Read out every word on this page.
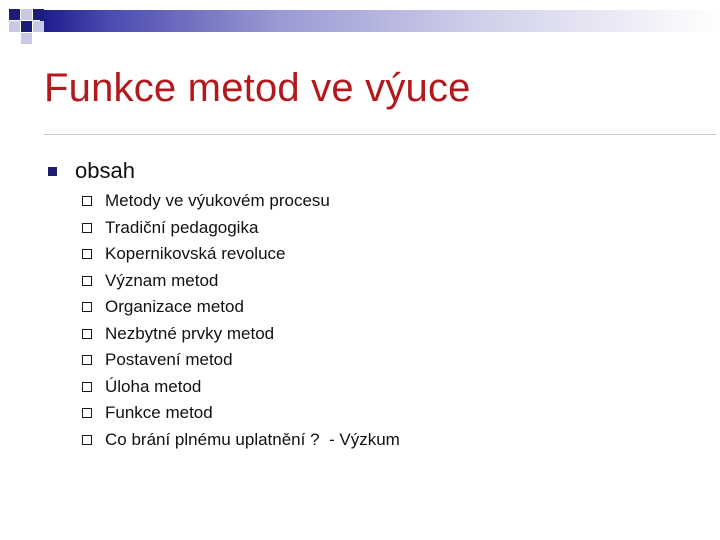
Funkce metod ve výuce
obsah
Metody ve výukovém procesu
Tradiční pedagogika
Kopernikovská revoluce
Význam metod
Organizace metod
Nezbytné prvky metod
Postavení metod
Úloha metod
Funkce metod
Co brání plnému uplatnění ?  - Výzkum
